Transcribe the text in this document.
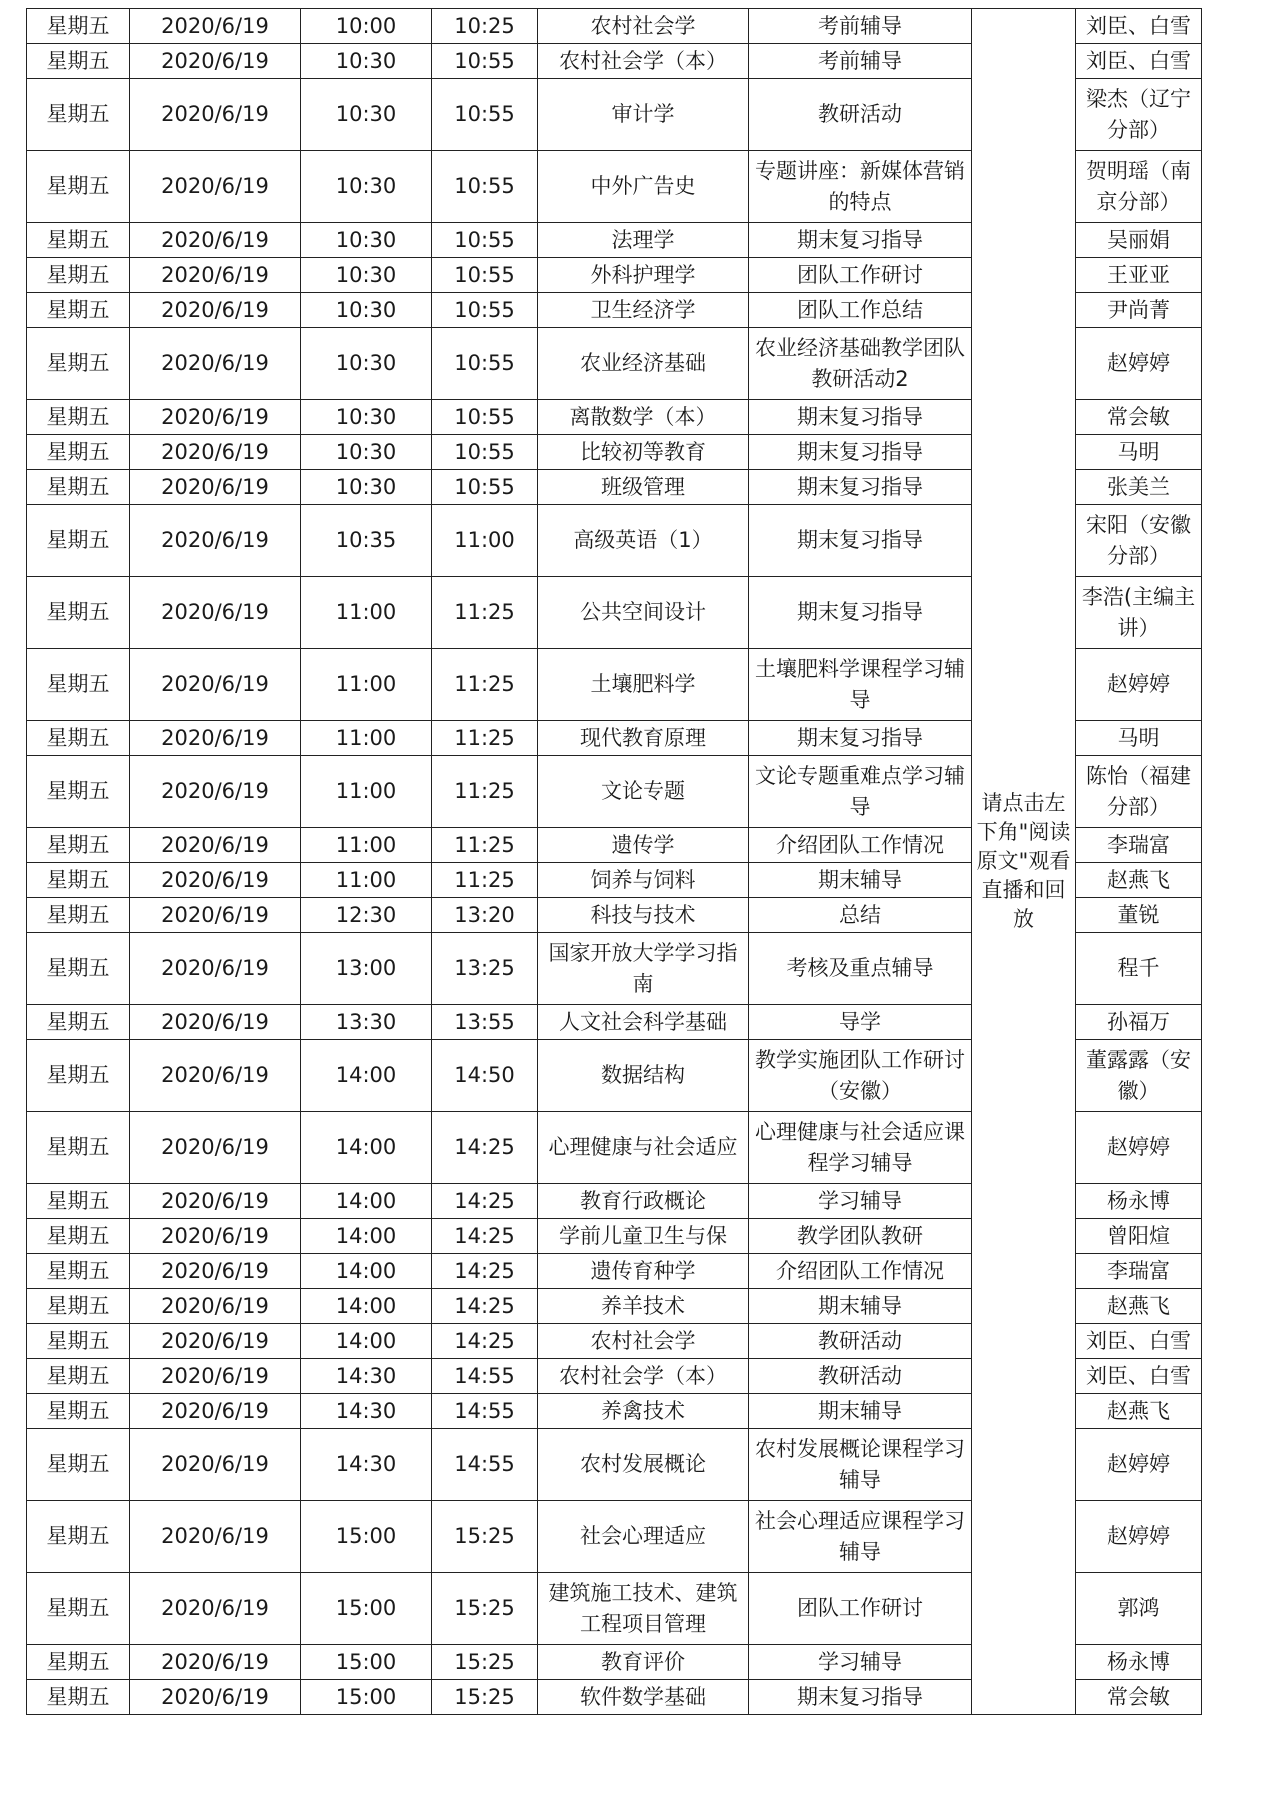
星期五	2020/6/19	10:00	10:25	农村社会学	考前辅导	请点击左下角"阅读原文"观看直播和回放	刘臣、白雪
星期五	2020/6/19	10:30	10:55	农村社会学（本）	考前辅导		刘臣、白雪
星期五	2020/6/19	10:30	10:55	审计学	教研活动		梁杰（辽宁分部）
星期五	2020/6/19	10:30	10:55	中外广告史	专题讲座：新媒体营销的特点		贺明瑶（南京分部）
星期五	2020/6/19	10:30	10:55	法理学	期末复习指导		吴丽娟
星期五	2020/6/19	10:30	10:55	外科护理学	团队工作研讨		王亚亚
星期五	2020/6/19	10:30	10:55	卫生经济学	团队工作总结		尹尚菁
星期五	2020/6/19	10:30	10:55	农业经济基础	农业经济基础教学团队教研活动2		赵婷婷
星期五	2020/6/19	10:30	10:55	离散数学（本）	期末复习指导		常会敏
星期五	2020/6/19	10:30	10:55	比较初等教育	期末复习指导		马明
星期五	2020/6/19	10:30	10:55	班级管理	期末复习指导		张美兰
星期五	2020/6/19	10:35	11:00	高级英语（1）	期末复习指导		宋阳（安徽分部）
星期五	2020/6/19	11:00	11:25	公共空间设计	期末复习指导		李浩(主编主讲）
星期五	2020/6/19	11:00	11:25	土壤肥料学	土壤肥料学课程学习辅导		赵婷婷
星期五	2020/6/19	11:00	11:25	现代教育原理	期末复习指导		马明
星期五	2020/6/19	11:00	11:25	文论专题	文论专题重难点学习辅导		陈怡（福建分部）
星期五	2020/6/19	11:00	11:25	遗传学	介绍团队工作情况		李瑞富
星期五	2020/6/19	11:00	11:25	饲养与饲料	期末辅导		赵燕飞
星期五	2020/6/19	12:30	13:20	科技与技术	总结		董锐
星期五	2020/6/19	13:00	13:25	国家开放大学学习指南	考核及重点辅导		程千
星期五	2020/6/19	13:30	13:55	人文社会科学基础	导学		孙福万
星期五	2020/6/19	14:00	14:50	数据结构	教学实施团队工作研讨（安徽）		董露露（安徽）
星期五	2020/6/19	14:00	14:25	心理健康与社会适应	心理健康与社会适应课程学习辅导		赵婷婷
星期五	2020/6/19	14:00	14:25	教育行政概论	学习辅导		杨永博
星期五	2020/6/19	14:00	14:25	学前儿童卫生与保	教学团队教研		曾阳煊
星期五	2020/6/19	14:00	14:25	遗传育种学	介绍团队工作情况		李瑞富
星期五	2020/6/19	14:00	14:25	养羊技术	期末辅导		赵燕飞
星期五	2020/6/19	14:00	14:25	农村社会学	教研活动		刘臣、白雪
星期五	2020/6/19	14:30	14:55	农村社会学（本）	教研活动		刘臣、白雪
星期五	2020/6/19	14:30	14:55	养禽技术	期末辅导		赵燕飞
星期五	2020/6/19	14:30	14:55	农村发展概论	农村发展概论课程学习辅导		赵婷婷
星期五	2020/6/19	15:00	15:25	社会心理适应	社会心理适应课程学习辅导		赵婷婷
星期五	2020/6/19	15:00	15:25	建筑施工技术、建筑工程项目管理	团队工作研讨		郭鸿
星期五	2020/6/19	15:00	15:25	教育评价	学习辅导		杨永博
星期五	2020/6/19	15:00	15:25	软件数学基础	期末复习指导		常会敏
